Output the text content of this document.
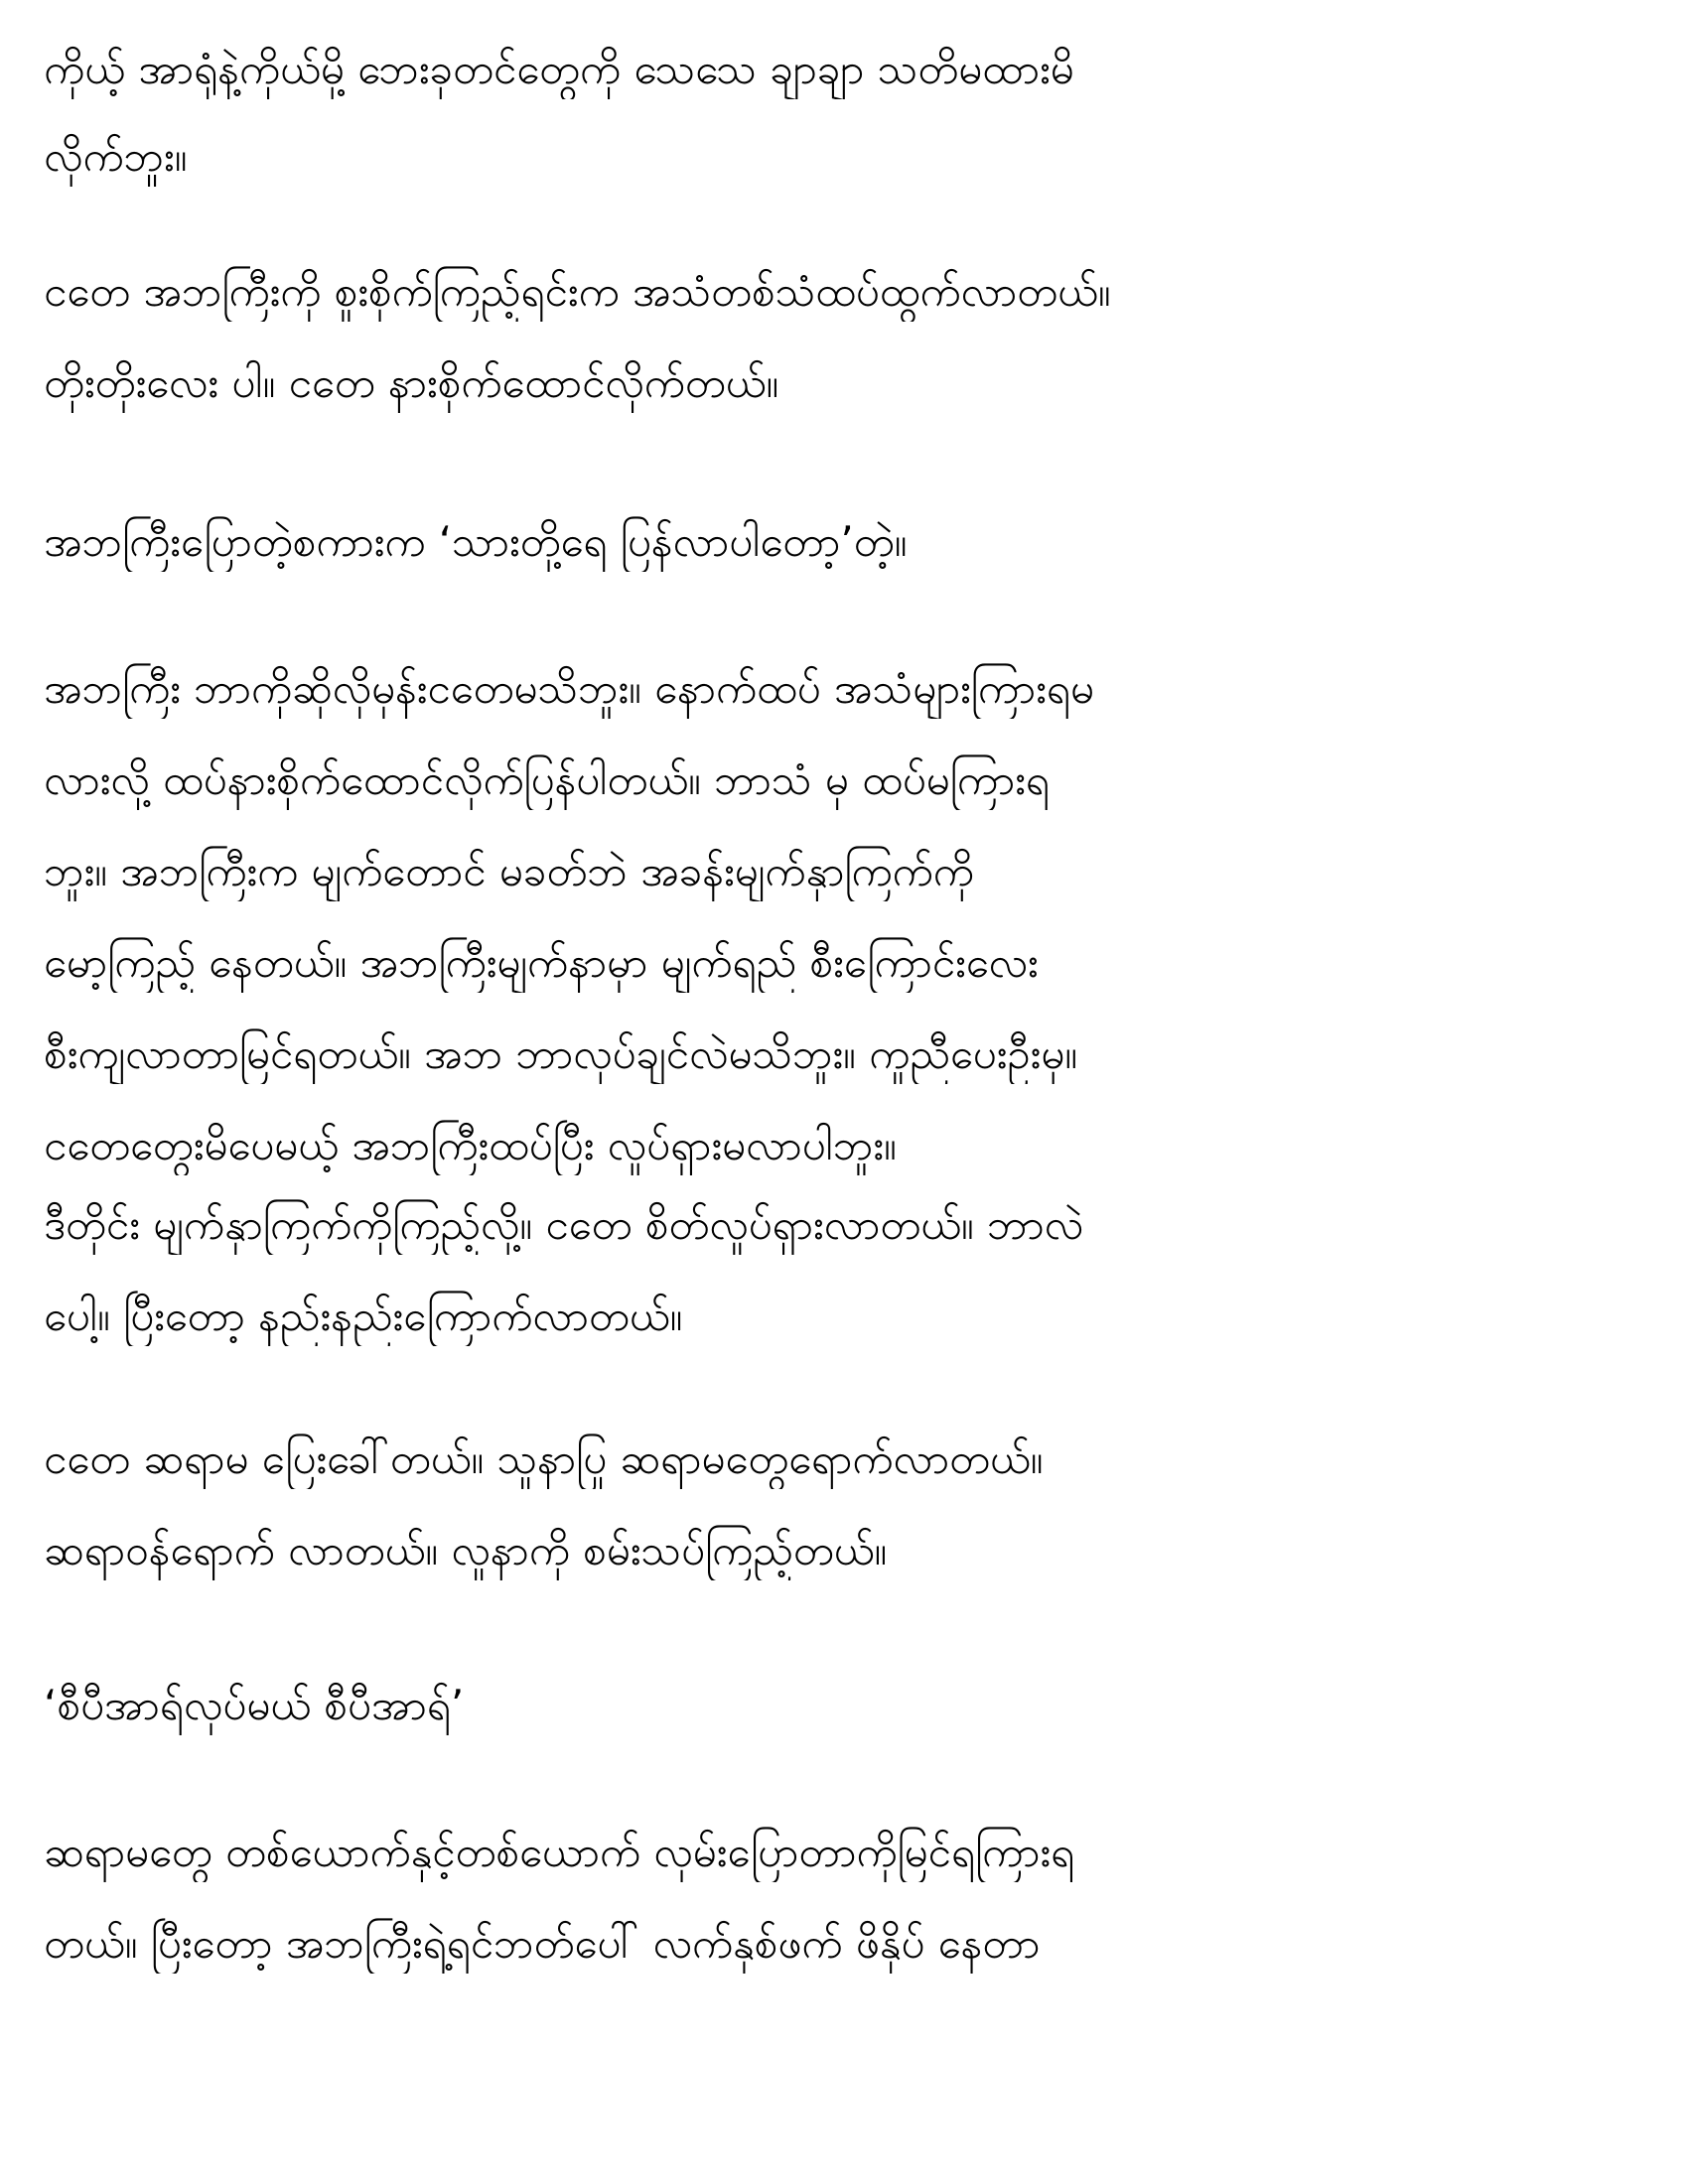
ကိုယ့် အာရုံနဲ့ကိုယ်မို့ ဘေးခုတင်တွေကို သေသေ ချာချာ သတိမထားမိ
လိုက်ဘူး။
ငတေ အဘကြီးကို စူးစိုက်ကြည့်ရင်းက အသံတစ်သံထပ်ထွက်လာတယ်။
တိုးတိုးလေး ပါ။ ငတေ နားစိုက်ထောင်လိုက်တယ်။
အဘကြီးပြောတဲ့စကားက ‘သားတို့ရေ ပြန်လာပါတော့’တဲ့။
အဘကြီး ဘာကိုဆိုလိုမှန်းငတေမသိဘူး။ နောက်ထပ် အသံများကြားရမ
လားလို့ ထပ်နားစိုက်ထောင်လိုက်ပြန်ပါတယ်။ ဘာသံ မှ ထပ်မကြားရ
ဘူး။ အဘကြီးက မျက်တောင် မခတ်ဘဲ အခန်းမျက်နှာကြက်ကို
မော့ကြည့် နေတယ်။ အဘကြီးမျက်နာမှာ မျက်ရည် စီးကြောင်းလေး
စီးကျလာတာမြင်ရတယ်။ အဘ ဘာလုပ်ချင်လဲမသိဘူး။ ကူညီပေးဦးမှ။
ငတေတွေးမိပေမယ့် အဘကြီးထပ်ပြီး လှုပ်ရှားမလာပါဘူး။
ဒီတိုင်း မျက်နှာကြက်ကိုကြည့်လို့။ ငတေ စိတ်လှုပ်ရှားလာတယ်။ ဘာလဲ
ပေါ့။ ပြီးတော့ နည်းနည်းကြောက်လာတယ်။
ငတေ ဆရာမ ပြေးခေါ်တယ်။ သူနာပြု ဆရာမတွေရောက်လာတယ်။
ဆရာဝန်ရောက် လာတယ်။ လူနာကို စမ်းသပ်ကြည့်တယ်။
‘စီပီအာရ်လုပ်မယ် စီပီအာရ်’
ဆရာမတွေ တစ်ယောက်နှင့်တစ်ယောက် လှမ်းပြောတာကိုမြင်ရကြားရ
တယ်။ ပြီးတော့ အဘကြီးရဲ့ရင်ဘတ်ပေါ် လက်နှစ်ဖက် ဖိနှိပ် နေတာ
